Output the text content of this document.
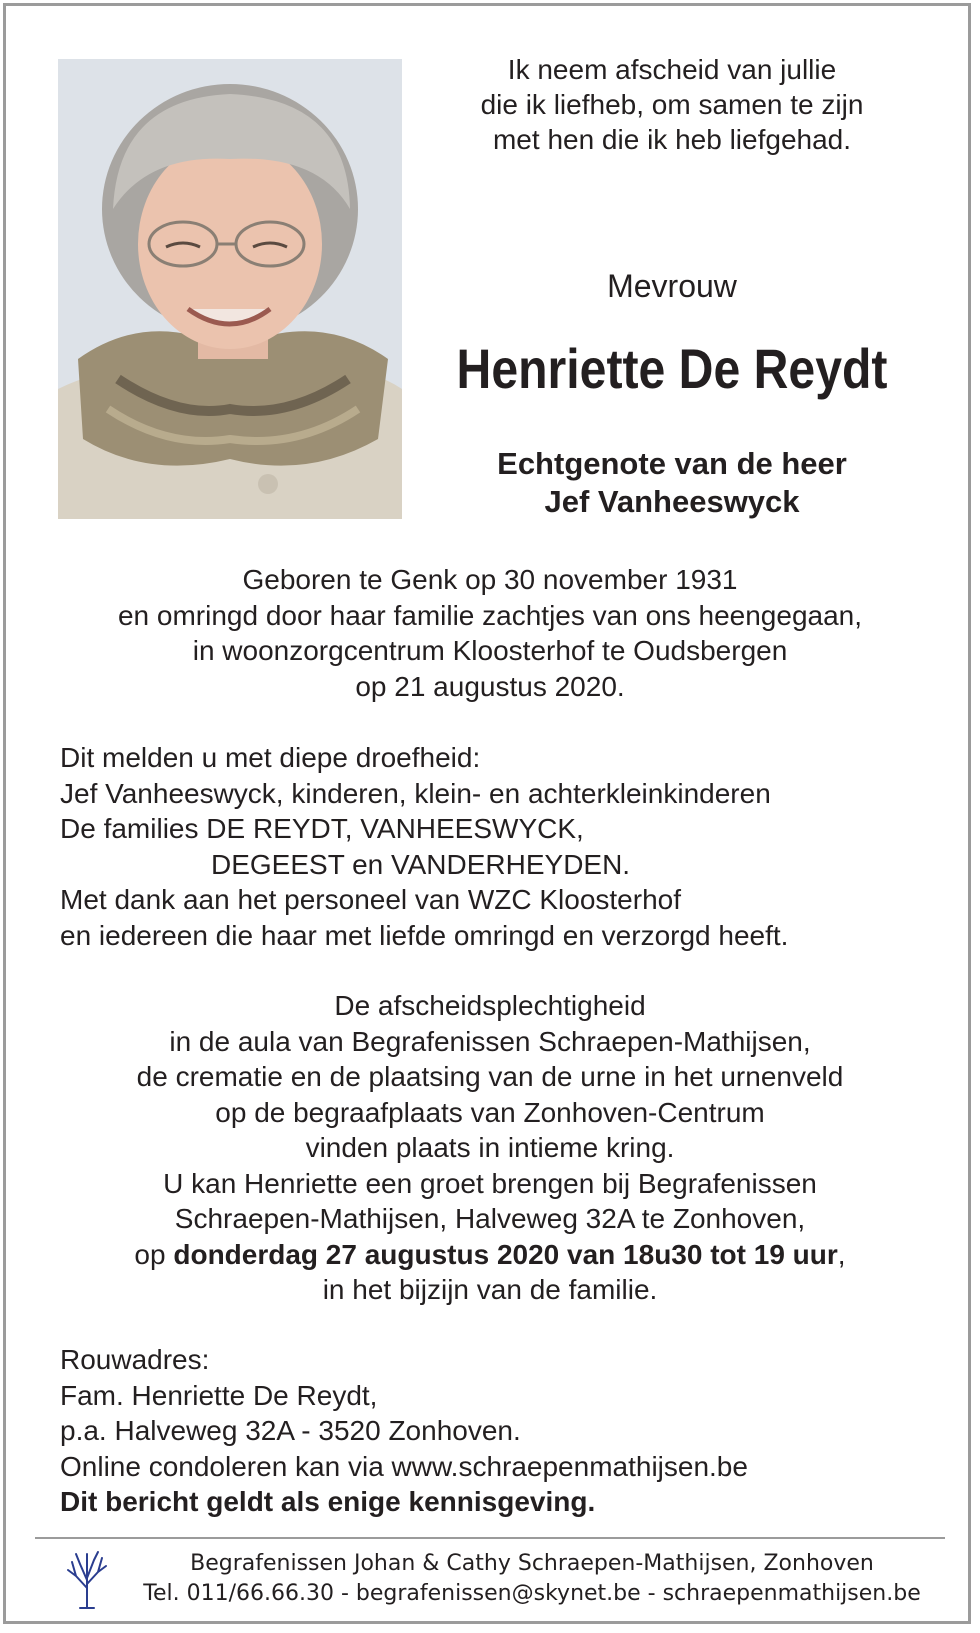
Ik neem afscheid van jullie
die ik liefheb, om samen te zijn
met hen die ik heb liefgehad.
Mevrouw
Henriette De Reydt
Echtgenote van de heer
Jef Vanheeswyck
Geboren te Genk op 30 november 1931
en omringd door haar familie zachtjes van ons heengegaan,
in woonzorgcentrum Kloosterhof te Oudsbergen
op 21 augustus 2020.
Dit melden u met diepe droefheid:
Jef Vanheeswyck, kinderen, klein- en achterkleinkinderen
De families DE REYDT, VANHEESWYCK,
DEGEEST en VANDERHEYDEN.
Met dank aan het personeel van WZC Kloosterhof
en iedereen die haar met liefde omringd en verzorgd heeft.
De afscheidsplechtigheid
in de aula van Begrafenissen Schraepen-Mathijsen,
de crematie en de plaatsing van de urne in het urnenveld
op de begraafplaats van Zonhoven-Centrum
vinden plaats in intieme kring.
U kan Henriette een groet brengen bij Begrafenissen
Schraepen-Mathijsen, Halveweg 32A te Zonhoven,
op donderdag 27 augustus 2020 van 18u30 tot 19 uur,
in het bijzijn van de familie.
Rouwadres:
Fam. Henriette De Reydt,
p.a. Halveweg 32A - 3520 Zonhoven.
Online condoleren kan via www.schraepenmathijsen.be
Dit bericht geldt als enige kennisgeving.
Begrafenissen Johan & Cathy Schraepen-Mathijsen, Zonhoven
Tel. 011/66.66.30 - begrafenissen@skynet.be - schraepenmathijsen.be
